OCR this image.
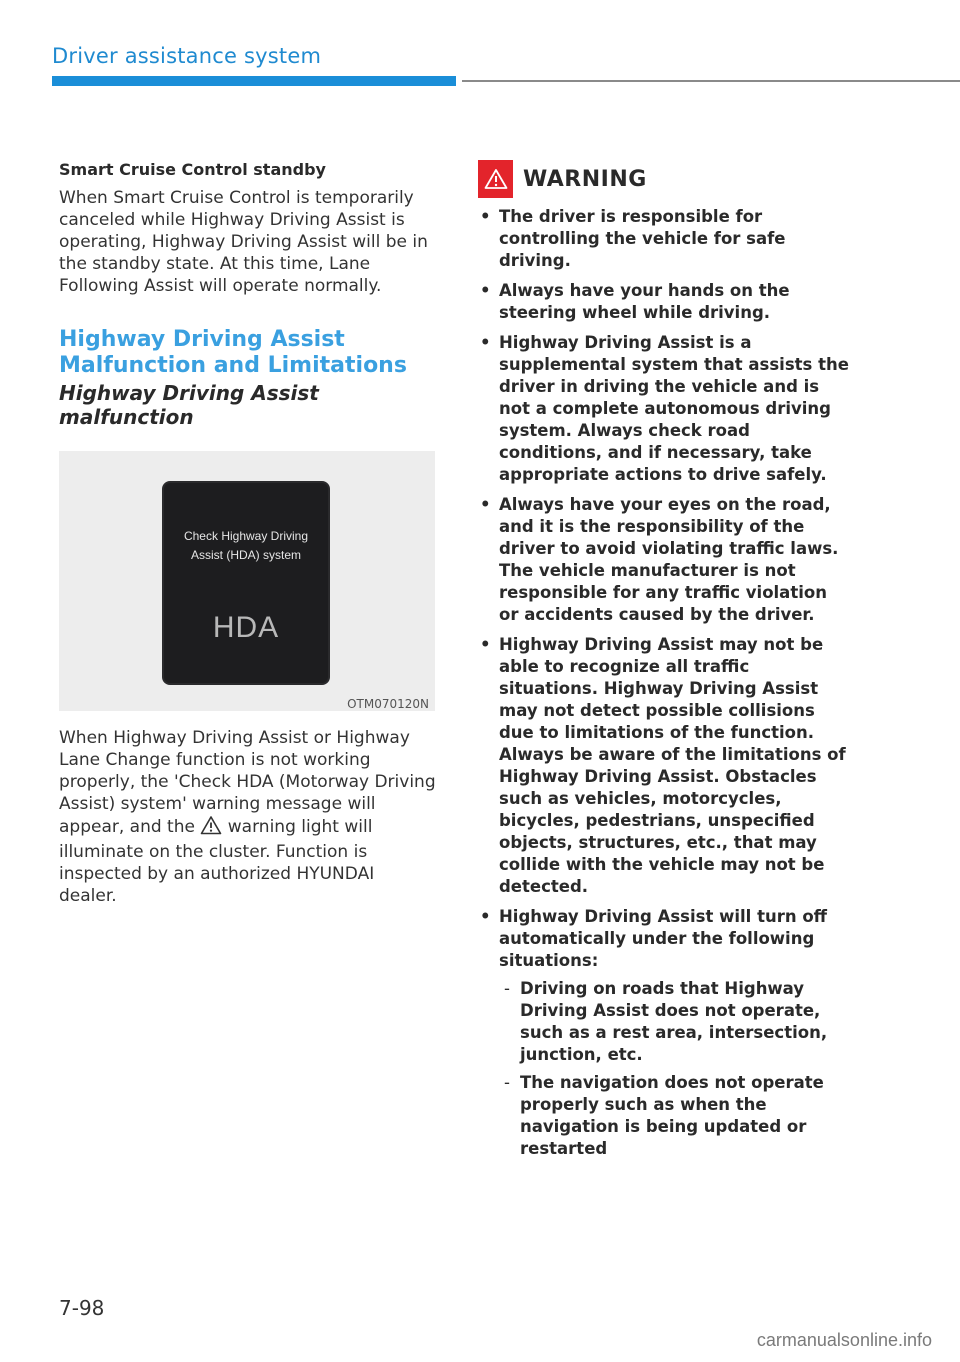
Driver assistance system

Smart Cruise Control standby

When Smart Cruise Control is temporarily canceled while Highway Driving Assist is operating, Highway Driving Assist will be in the standby state. At this time, Lane Following Assist will operate normally.

Highway Driving Assist
Malfunction and Limitations
Highway Driving Assist malfunction
Check Highway Driving
Assist (HDA) system
HDA
OTM070120N

When Highway Driving Assist or Highway Lane Change function is not working properly, the 'Check HDA (Motorway Driving Assist) system' warning message will appear, and the warning light will illuminate on the cluster. Function is inspected by an authorized HYUNDAI dealer.

WARNING
• The driver is responsible for controlling the vehicle for safe driving.
• Always have your hands on the steering wheel while driving.
• Highway Driving Assist is a supplemental system that assists the driver in driving the vehicle and is not a complete autonomous driving system. Always check road conditions, and if necessary, take appropriate actions to drive safely.
• Always have your eyes on the road, and it is the responsibility of the driver to avoid violating traffic laws. The vehicle manufacturer is not responsible for any traffic violation or accidents caused by the driver.
• Highway Driving Assist may not be able to recognize all traffic situations. Highway Driving Assist may not detect possible collisions due to limitations of the function. Always be aware of the limitations of Highway Driving Assist. Obstacles such as vehicles, motorcycles, bicycles, pedestrians, unspecified objects, structures, etc., that may collide with the vehicle may not be detected.
• Highway Driving Assist will turn off automatically under the following situations:
- Driving on roads that Highway Driving Assist does not operate, such as a rest area, intersection, junction, etc.
- The navigation does not operate properly such as when the navigation is being updated or restarted
7-98
carmanualsonline.info
